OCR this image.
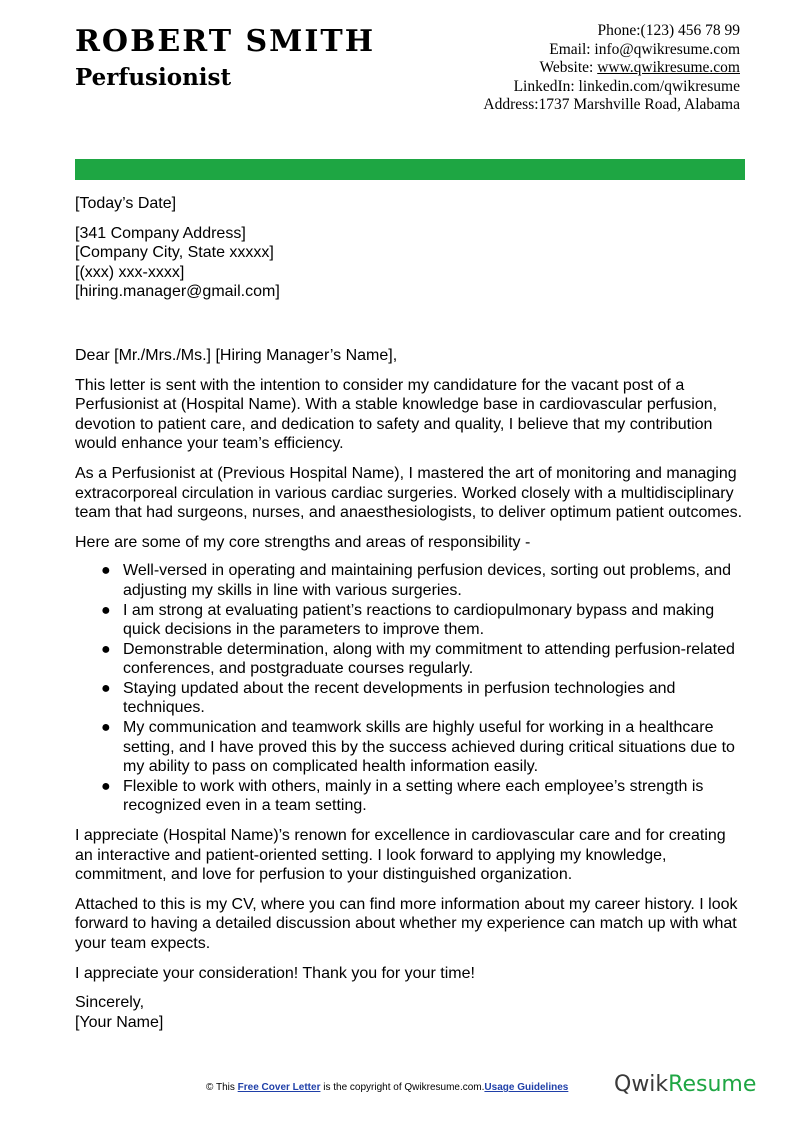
ROBERT SMITH
Perfusionist
Phone:(123) 456 78 99
Email: info@qwikresume.com
Website: www.qwikresume.com
LinkedIn: linkedin.com/qwikresume
Address:1737 Marshville Road, Alabama

[Today’s Date]

[341 Company Address]

[Company City, State xxxxx]

[(xxx) xxx-xxxx]

[hiring.manager@gmail.com]

Dear [Mr./Mrs./Ms.] [Hiring Manager’s Name],

This letter is sent with the intention to consider my candidature for the vacant post of a Perfusionist at (Hospital Name). With a stable knowledge base in cardiovascular perfusion, devotion to patient care, and dedication to safety and quality, I believe that my contribution would enhance your team’s efficiency.

As a Perfusionist at (Previous Hospital Name), I mastered the art of monitoring and managing extracorporeal circulation in various cardiac surgeries. Worked closely with a multidisciplinary team that had surgeons, nurses, and anaesthesiologists, to deliver optimum patient outcomes.

Here are some of my core strengths and areas of responsibility -

● Well-versed in operating and maintaining perfusion devices, sorting out problems, and adjusting my skills in line with various surgeries.
● I am strong at evaluating patient’s reactions to cardiopulmonary bypass and making quick decisions in the parameters to improve them.
● Demonstrable determination, along with my commitment to attending perfusion-related conferences, and postgraduate courses regularly.
● Staying updated about the recent developments in perfusion technologies and techniques.
● My communication and teamwork skills are highly useful for working in a healthcare setting, and I have proved this by the success achieved during critical situations due to my ability to pass on complicated health information easily.
● Flexible to work with others, mainly in a setting where each employee’s strength is recognized even in a team setting.

I appreciate (Hospital Name)’s renown for excellence in cardiovascular care and for creating an interactive and patient-oriented setting. I look forward to applying my knowledge, commitment, and love for perfusion to your distinguished organization.

Attached to this is my CV, where you can find more information about my career history. I look forward to having a detailed discussion about whether my experience can match up with what your team expects.

I appreciate your consideration! Thank you for your time!

Sincerely,

[Your Name]

© This Free Cover Letter is the copyright of Qwikresume.com.Usage Guidelines QwikResume
